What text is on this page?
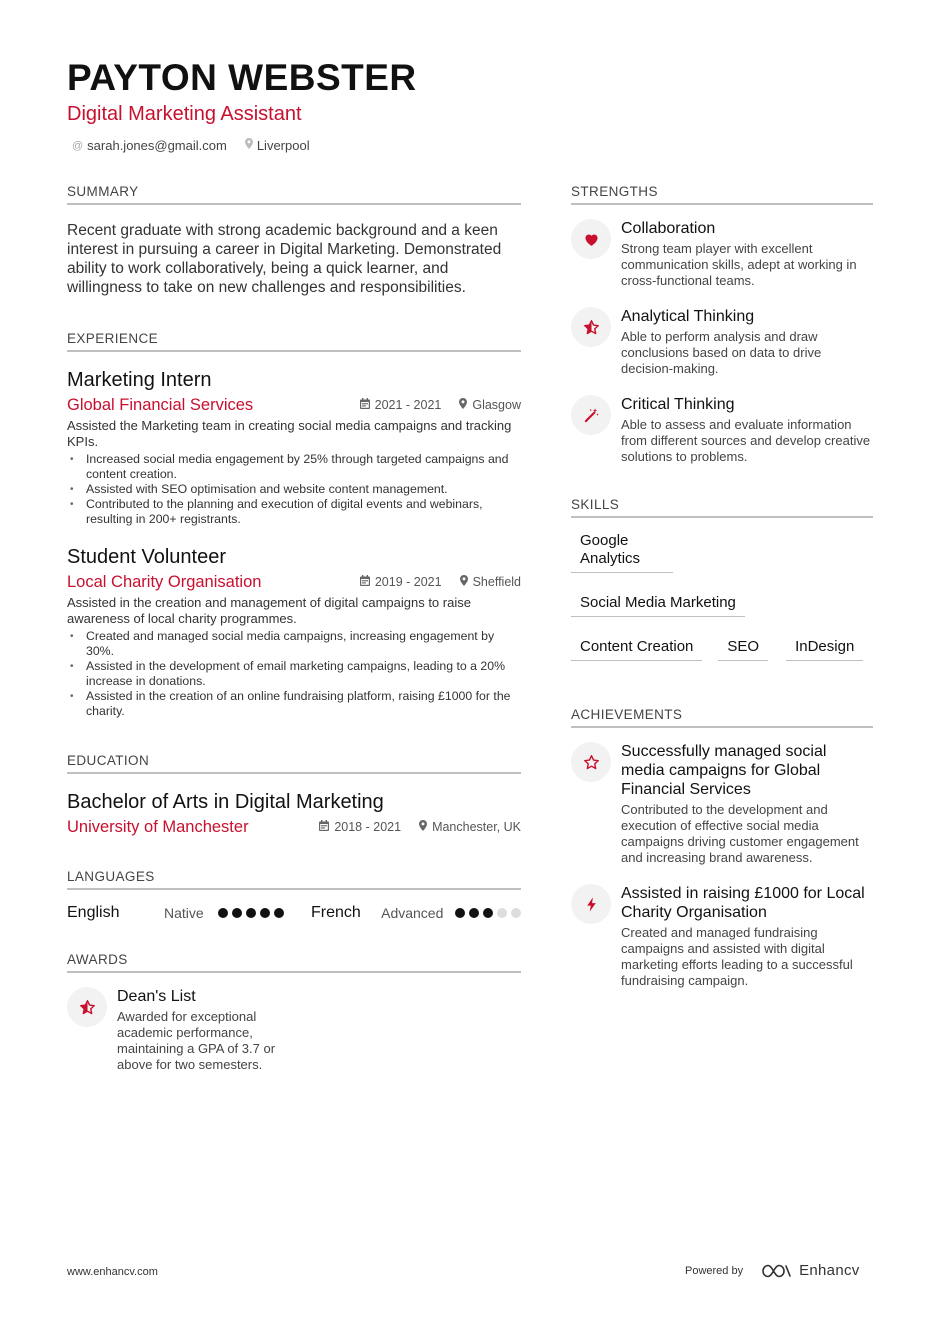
PAYTON WEBSTER
Digital Marketing Assistant
@ sarah.jones@gmail.com Liverpool
SUMMARY
Recent graduate with strong academic background and a keen interest in pursuing a career in Digital Marketing. Demonstrated ability to work collaboratively, being a quick learner, and willingness to take on new challenges and responsibilities.
EXPERIENCE
Marketing Intern
Global Financial Services	2021 - 2021 Glasgow
Assisted the Marketing team in creating social media campaigns and tracking KPIs.
• Increased social media engagement by 25% through targeted campaigns and content creation.
• Assisted with SEO optimisation and website content management.
• Contributed to the planning and execution of digital events and webinars, resulting in 200+ registrants.
Student Volunteer
Local Charity Organisation	2019 - 2021 Sheffield
Assisted in the creation and management of digital campaigns to raise awareness of local charity programmes.
• Created and managed social media campaigns, increasing engagement by 30%.
• Assisted in the development of email marketing campaigns, leading to a 20% increase in donations.
• Assisted in the creation of an online fundraising platform, raising £1000 for the charity.
EDUCATION
Bachelor of Arts in Digital Marketing
University of Manchester	2018 - 2021 Manchester, UK
LANGUAGES
English	Native	French	Advanced
AWARDS
Dean's List
Awarded for exceptional academic performance, maintaining a GPA of 3.7 or above for two semesters.
STRENGTHS
Collaboration
Strong team player with excellent communication skills, adept at working in cross-functional teams.
Analytical Thinking
Able to perform analysis and draw conclusions based on data to drive decision-making.
Critical Thinking
Able to assess and evaluate information from different sources and develop creative solutions to problems.
SKILLS
Google Analytics
Social Media Marketing
Content Creation	SEO	InDesign
ACHIEVEMENTS
Successfully managed social media campaigns for Global Financial Services
Contributed to the development and execution of effective social media campaigns driving customer engagement and increasing brand awareness.
Assisted in raising £1000 for Local Charity Organisation
Created and managed fundraising campaigns and assisted with digital marketing efforts leading to a successful fundraising campaign.
www.enhancv.com	Powered by	Enhancv
